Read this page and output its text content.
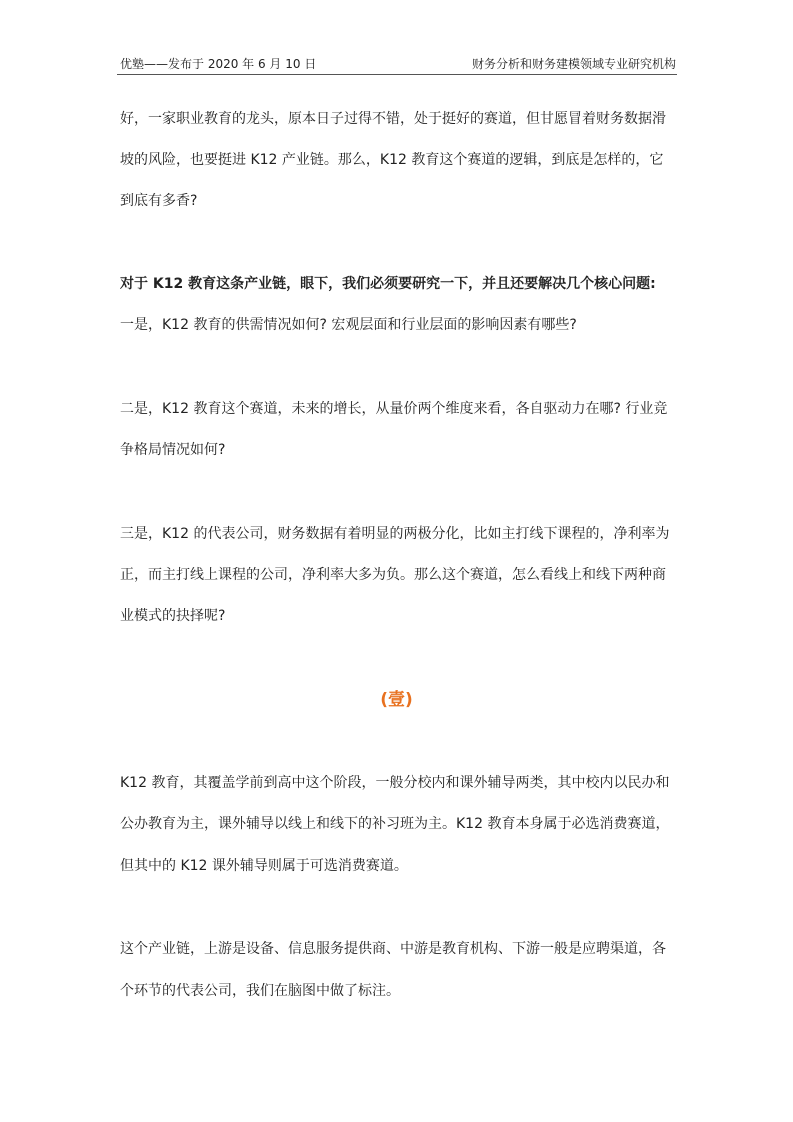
优塾——发布于 2020 年 6 月 10 日	财务分析和财务建模领域专业研究机构
好，一家职业教育的龙头，原本日子过得不错，处于挺好的赛道，但甘愿冒着财务数据滑
坡的风险，也要挺进 K12 产业链。那么，K12 教育这个赛道的逻辑，到底是怎样的，它
到底有多香?
对于 K12 教育这条产业链，眼下，我们必须要研究一下，并且还要解决几个核心问题:
一是，K12 教育的供需情况如何? 宏观层面和行业层面的影响因素有哪些?
二是，K12 教育这个赛道，未来的增长，从量价两个维度来看，各自驱动力在哪? 行业竞
争格局情况如何?
三是，K12 的代表公司，财务数据有着明显的两极分化，比如主打线下课程的，净利率为
正，而主打线上课程的公司，净利率大多为负。那么这个赛道，怎么看线上和线下两种商
业模式的抉择呢?
(壹)
K12 教育，其覆盖学前到高中这个阶段，一般分校内和课外辅导两类，其中校内以民办和
公办教育为主，课外辅导以线上和线下的补习班为主。K12 教育本身属于必选消费赛道，
但其中的 K12 课外辅导则属于可选消费赛道。
这个产业链，上游是设备、信息服务提供商、中游是教育机构、下游一般是应聘渠道，各
个环节的代表公司，我们在脑图中做了标注。
